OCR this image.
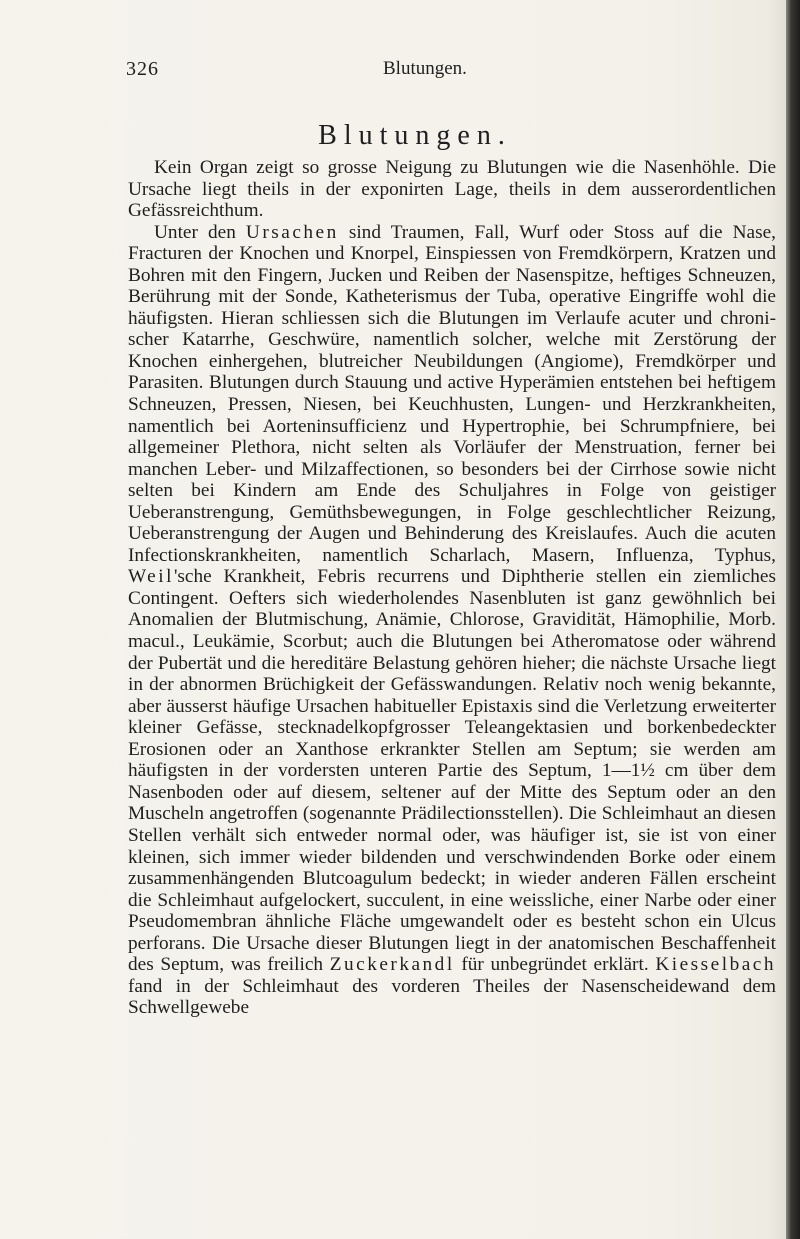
326	Blutungen.
Blutungen.

Kein Organ zeigt so grosse Neigung zu Blutungen wie die Nasenhöhle. Die Ursache liegt theils in der exponirten Lage, theils in dem ausserordentlichen Gefässreichthum.

Unter den Ursachen sind Traumen, Fall, Wurf oder Stoss auf die Nase, Fracturen der Knochen und Knorpel, Einspiessen von Fremdkörpern, Kratzen und Bohren mit den Fingern, Jucken und Reiben der Nasenspitze, heftiges Schneuzen, Berührung mit der Sonde, Katheterismus der Tuba, operative Eingriffe wohl die häufigsten. Hieran schliessen sich die Blutungen im Verlaufe acuter und chronischer Katarrhe, Geschwüre, namentlich solcher, welche mit Zerstörung der Knochen einhergehen, blutreicher Neubildungen (Angiome), Fremdkörper und Parasiten. Blutungen durch Stauung und active Hyperämien entstehen bei heftigem Schneuzen, Pressen, Niesen, bei Keuchhusten, Lungen- und Herzkrankheiten, namentlich bei Aorteninsufficienz und Hypertrophie, bei Schrumpfniere, bei allgemeiner Plethora, nicht selten als Vorläufer der Menstruation, ferner bei manchen Leber- und Milzaffectionen, so besonders bei der Cirrhose sowie nicht selten bei Kindern am Ende des Schuljahres in Folge von geistiger Ueberanstrengung, Gemüthsbewegungen, in Folge geschlechtlicher Reizung, Ueberanstrengung der Augen und Behinderung des Kreislaufes. Auch die acuten Infectionskrankheiten, namentlich Scharlach, Masern, Influenza, Typhus, Weil'sche Krankheit, Febris recurrens und Diphtherie stellen ein ziemliches Contingent. Oefters sich wiederholendes Nasenbluten ist ganz gewöhnlich bei Anomalien der Blutmischung, Anämie, Chlorose, Gravidität, Hämophilie, Morb. macul., Leukämie, Scorbut; auch die Blutungen bei Atheromatose oder während der Pubertät und die hereditäre Belastung gehören hieher; die nächste Ursache liegt in der abnormen Brüchigkeit der Gefässwandungen. Relativ noch wenig bekannte, aber äusserst häufige Ursachen habitueller Epistaxis sind die Verletzung erweiterter kleiner Gefässe, stecknadelkopfgrosser Teleangektasien und borkenbedeckter Erosionen oder an Xanthose erkrankter Stellen am Septum; sie werden am häufigsten in der vordersten unteren Partie des Septum, 1—1½ cm über dem Nasenboden oder auf diesem, seltener auf der Mitte des Septum oder an den Muscheln angetroffen (sogenannte Prädilectionsstellen). Die Schleimhaut an diesen Stellen verhält sich entweder normal oder, was häufiger ist, sie ist von einer kleinen, sich immer wieder bildenden und verschwindenden Borke oder einem zusammenhängenden Blutcoagulum bedeckt; in wieder anderen Fällen erscheint die Schleimhaut aufgelockert, succulent, in eine weissliche, einer Narbe oder einer Pseudomembran ähnliche Fläche umgewandelt oder es besteht schon ein Ulcus perforans. Die Ursache dieser Blutungen liegt in der anatomischen Beschaffenheit des Septum, was freilich Zuckerkandl für unbegründet erklärt. Kiesselbach fand in der Schleimhaut des vorderen Theiles der Nasenscheidewand dem Schwellgewebe
